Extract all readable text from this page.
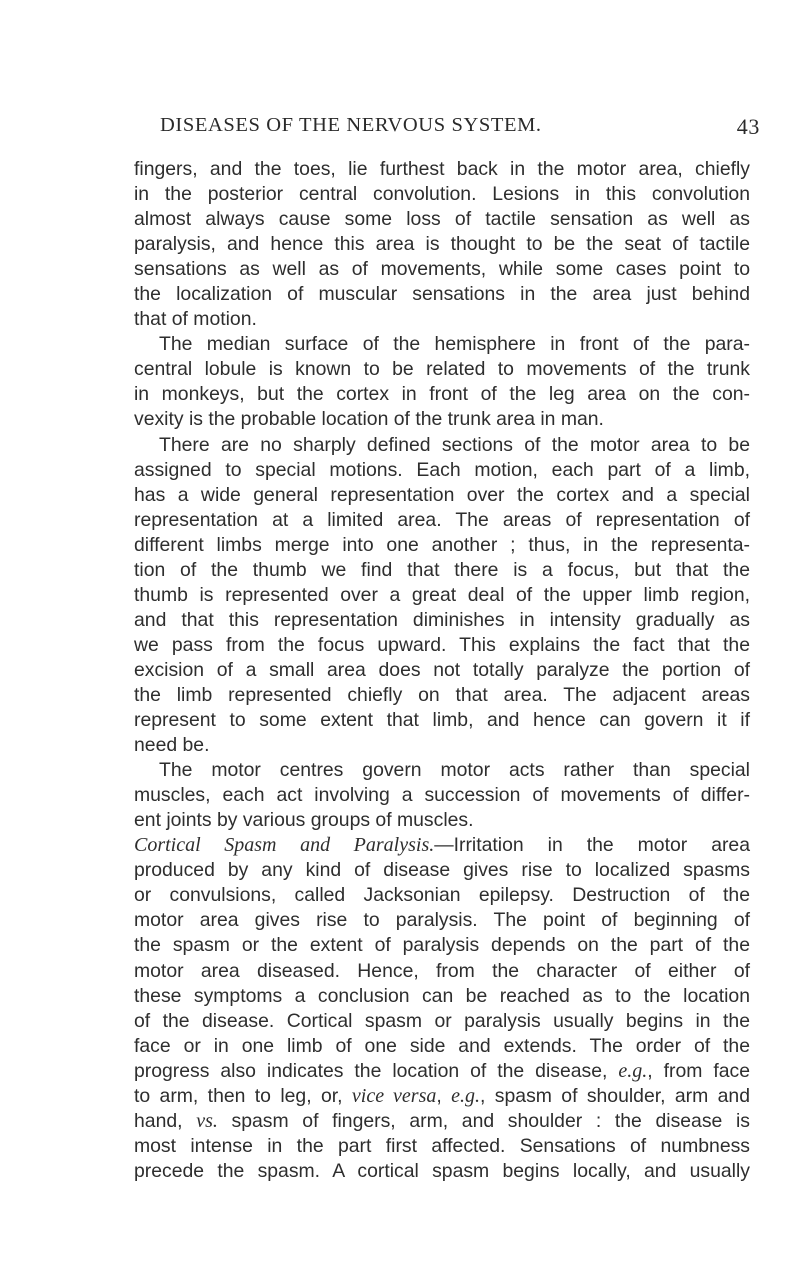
DISEASES OF THE NERVOUS SYSTEM.	43
fingers, and the toes, lie furthest back in the motor area, chiefly
in the posterior central convolution. Lesions in this convolution
almost always cause some loss of tactile sensation as well as
paralysis, and hence this area is thought to be the seat of tactile
sensations as well as of movements, while some cases point to
the localization of muscular sensations in the area just behind
that of motion.
The median surface of the hemisphere in front of the para-
central lobule is known to be related to movements of the trunk
in monkeys, but the cortex in front of the leg area on the con-
vexity is the probable location of the trunk area in man.
There are no sharply defined sections of the motor area to be
assigned to special motions. Each motion, each part of a limb,
has a wide general representation over the cortex and a special
representation at a limited area. The areas of representation of
different limbs merge into one another ; thus, in the representa-
tion of the thumb we find that there is a focus, but that the
thumb is represented over a great deal of the upper limb region,
and that this representation diminishes in intensity gradually as
we pass from the focus upward. This explains the fact that the
excision of a small area does not totally paralyze the portion of
the limb represented chiefly on that area. The adjacent areas
represent to some extent that limb, and hence can govern it if
need be.
The motor centres govern motor acts rather than special
muscles, each act involving a succession of movements of differ-
ent joints by various groups of muscles.
Cortical Spasm and Paralysis.—Irritation in the motor area
produced by any kind of disease gives rise to localized spasms
or convulsions, called Jacksonian epilepsy. Destruction of the
motor area gives rise to paralysis. The point of beginning of
the spasm or the extent of paralysis depends on the part of the
motor area diseased. Hence, from the character of either of
these symptoms a conclusion can be reached as to the location
of the disease. Cortical spasm or paralysis usually begins in the
face or in one limb of one side and extends. The order of the
progress also indicates the location of the disease, e.g., from face
to arm, then to leg, or, vice versa, e.g., spasm of shoulder, arm and
hand, vs. spasm of fingers, arm, and shoulder : the disease is
most intense in the part first affected. Sensations of numbness
precede the spasm. A cortical spasm begins locally, and usually
